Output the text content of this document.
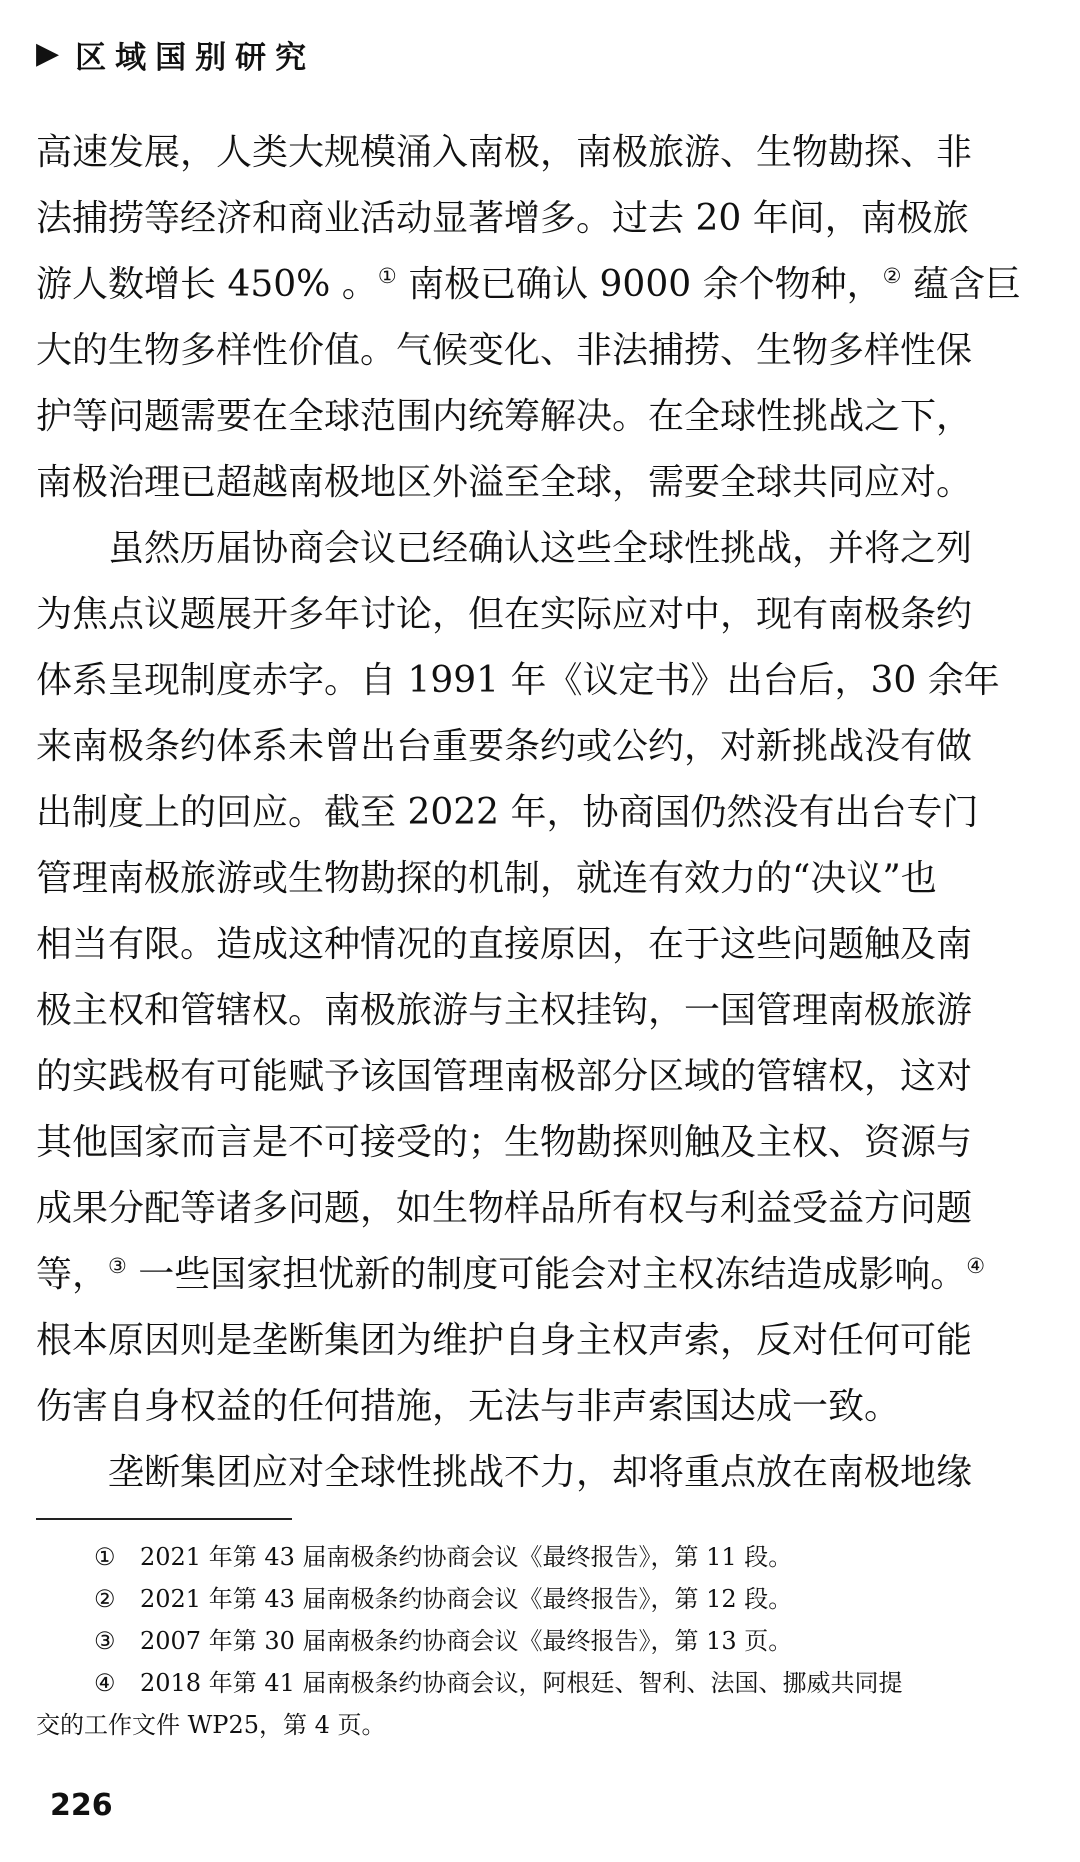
▶ 区域国别研究
高速发展，人类大规模涌入南极，南极旅游、生物勘探、非
法捕捞等经济和商业活动显著增多。过去 20 年间，南极旅
游人数增长 450% 。① 南极已确认 9000 余个物种，② 蕴含巨
大的生物多样性价值。气候变化、非法捕捞、生物多样性保
护等问题需要在全球范围内统筹解决。在全球性挑战之下，
南极治理已超越南极地区外溢至全球，需要全球共同应对。
　　虽然历届协商会议已经确认这些全球性挑战，并将之列
为焦点议题展开多年讨论，但在实际应对中，现有南极条约
体系呈现制度赤字。自 1991 年《议定书》出台后，30 余年
来南极条约体系未曾出台重要条约或公约，对新挑战没有做
出制度上的回应。截至 2022 年，协商国仍然没有出台专门
管理南极旅游或生物勘探的机制，就连有效力的“决议”也
相当有限。造成这种情况的直接原因，在于这些问题触及南
极主权和管辖权。南极旅游与主权挂钩，一国管理南极旅游
的实践极有可能赋予该国管理南极部分区域的管辖权，这对
其他国家而言是不可接受的；生物勘探则触及主权、资源与
成果分配等诸多问题，如生物样品所有权与利益受益方问题
等，③ 一些国家担忧新的制度可能会对主权冻结造成影响。④
根本原因则是垄断集团为维护自身主权声索，反对任何可能
伤害自身权益的任何措施，无法与非声索国达成一致。
　　垄断集团应对全球性挑战不力，却将重点放在南极地缘
① 2021 年第 43 届南极条约协商会议《最终报告》，第 11 段。
② 2021 年第 43 届南极条约协商会议《最终报告》，第 12 段。
③ 2007 年第 30 届南极条约协商会议《最终报告》，第 13 页。
④ 2018 年第 41 届南极条约协商会议，阿根廷、智利、法国、挪威共同提
交的工作文件 WP25，第 4 页。
226
